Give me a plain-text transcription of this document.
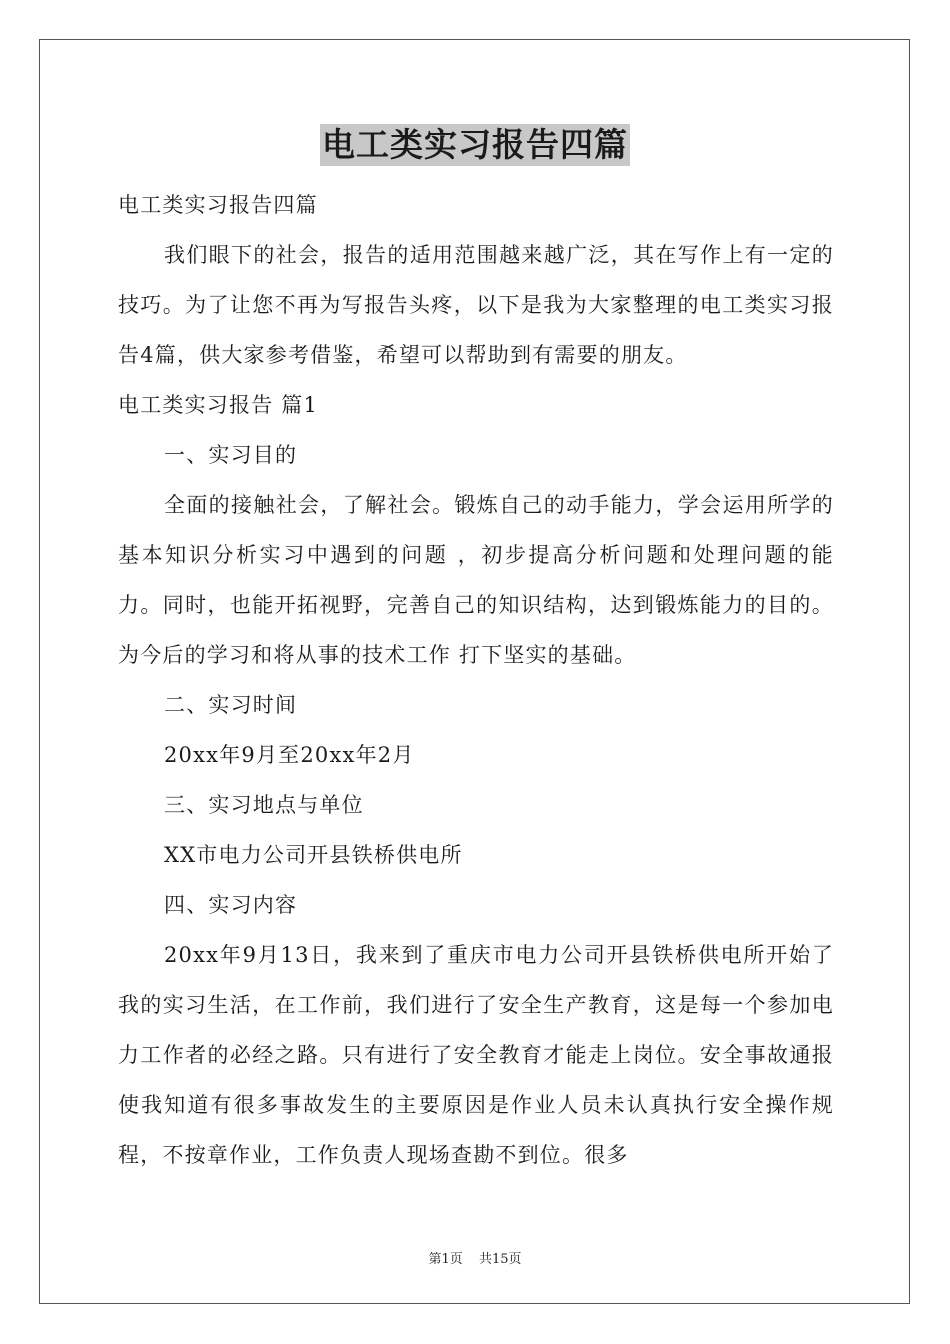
电工类实习报告四篇

电工类实习报告四篇

我们眼下的社会，报告的适用范围越来越广泛，其在写作上有一定的技巧。为了让您不再为写报告头疼，以下是我为大家整理的电工类实习报告4篇，供大家参考借鉴，希望可以帮助到有需要的朋友。

电工类实习报告 篇1

一、实习目的

全面的接触社会，了解社会。锻炼自己的动手能力，学会运用所学的基本知识分析实习中遇到的问题 ，初步提高分析问题和处理问题的能力。同时，也能开拓视野，完善自己的知识结构，达到锻炼能力的目的。为今后的学习和将从事的技术工作 打下坚实的基础。

二、实习时间

20xx年9月至20xx年2月

三、实习地点与单位

XX市电力公司开县铁桥供电所

四、实习内容

20xx年9月13日，我来到了重庆市电力公司开县铁桥供电所开始了我的实习生活，在工作前，我们进行了安全生产教育，这是每一个参加电力工作者的必经之路。只有进行了安全教育才能走上岗位。安全事故通报使我知道有很多事故发生的主要原因是作业人员未认真执行安全操作规程，不按章作业，工作负责人现场查勘不到位。很多

第1页 共15页
